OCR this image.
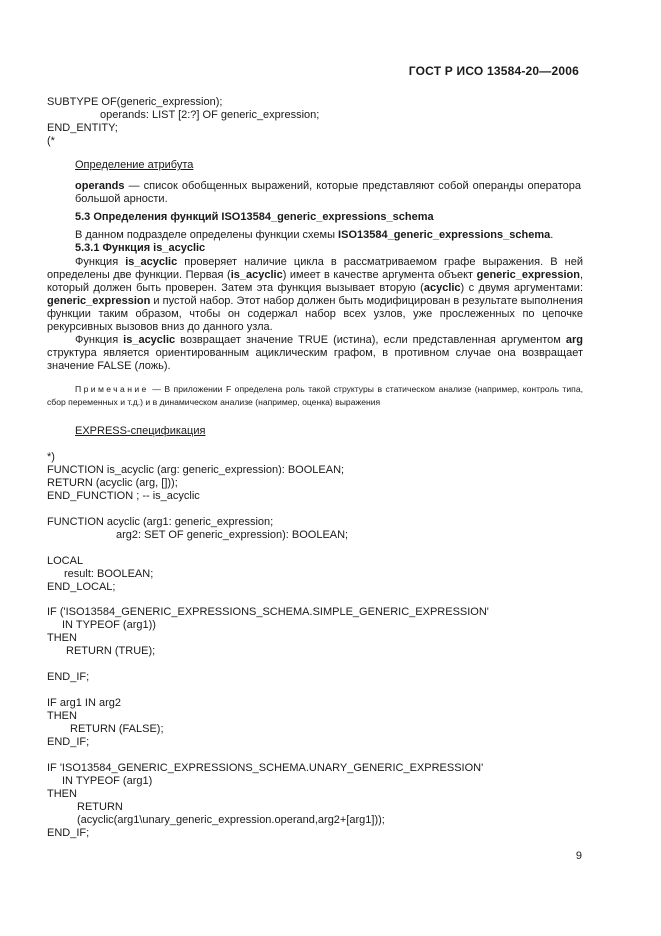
ГОСТ Р ИСО 13584-20—2006
SUBTYPE OF(generic_expression);
operands: LIST [2:?] OF generic_expression;
END_ENTITY;
(*
Определение атрибута
operands — список обобщенных выражений, которые представляют собой операнды оператора большой арности.
5.3 Определения функций ISO13584_generic_expressions_schema
В данном подразделе определены функции схемы ISO13584_generic_expressions_schema.
5.3.1 Функция is_acyclic
Функция is_acyclic проверяет наличие цикла в рассматриваемом графе выражения. В ней определены две функции. Первая (is_acyclic) имеет в качестве аргумента объект generic_expression, который должен быть проверен. Затем эта функция вызывает вторую (acyclic) с двумя аргументами: generic_expression и пустой набор. Этот набор должен быть модифицирован в результате выполнения функции таким образом, чтобы он содержал набор всех узлов, уже прослеженных по цепочке рекурсивных вызовов вниз до данного узла.
Функция is_acyclic возвращает значение TRUE (истина), если представленная аргументом arg структура является ориентированным ациклическим графом, в противном случае она возвращает значение FALSE (ложь).
Примечание — В приложении F определена роль такой структуры в статическом анализе (например, контроль типа, сбор переменных и т.д.) и в динамическом анализе (например, оценка) выражения
EXPRESS-спецификация
*)
FUNCTION is_acyclic (arg: generic_expression): BOOLEAN;
RETURN (acyclic (arg, []));
END_FUNCTION ; -- is_acyclic
FUNCTION acyclic (arg1: generic_expression;
arg2: SET OF generic_expression): BOOLEAN;
LOCAL
result: BOOLEAN;
END_LOCAL;
IF ('ISO13584_GENERIC_EXPRESSIONS_SCHEMA.SIMPLE_GENERIC_EXPRESSION'
IN TYPEOF (arg1))
THEN
RETURN (TRUE);
END_IF;
IF arg1 IN arg2
THEN
RETURN (FALSE);
END_IF;
IF 'ISO13584_GENERIC_EXPRESSIONS_SCHEMA.UNARY_GENERIC_EXPRESSION'
IN TYPEOF (arg1)
THEN
RETURN
(acyclic(arg1\unary_generic_expression.operand,arg2+[arg1]));
END_IF;
9
